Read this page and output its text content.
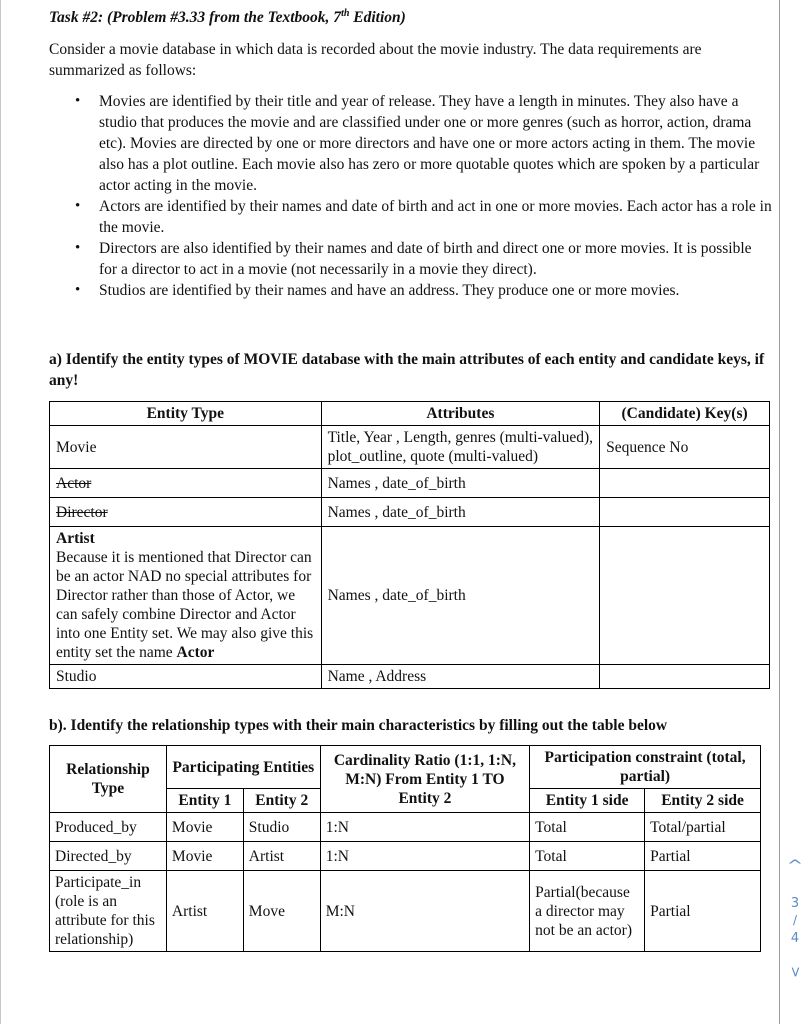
Task #2: (Problem #3.33 from the Textbook, 7th Edition)

Consider a movie database in which data is recorded about the movie industry. The data requirements are summarized as follows:

• Movies are identified by their title and year of release. They have a length in minutes. They also have a studio that produces the movie and are classified under one or more genres (such as horror, action, drama etc). Movies are directed by one or more directors and have one or more actors acting in them. The movie also has a plot outline. Each movie also has zero or more quotable quotes which are spoken by a particular actor acting in the movie.
• Actors are identified by their names and date of birth and act in one or more movies. Each actor has a role in the movie.
• Directors are also identified by their names and date of birth and direct one or more movies. It is possible for a director to act in a movie (not necessarily in a movie they direct).
• Studios are identified by their names and have an address. They produce one or more movies.

a) Identify the entity types of MOVIE database with the main attributes of each entity and candidate keys, if any!

Entity Type	Attributes	(Candidate) Key(s)
Movie	Title, Year , Length, genres (multi-valued), plot_outline, quote (multi-valued)	Sequence No
Actor	Names , date_of_birth	
Director	Names , date_of_birth	
Artist
Because it is mentioned that Director can be an actor NAD no special attributes for Director rather than those of Actor, we can safely combine Director and Actor into one Entity set. We may also give this entity set the name Actor	Names , date_of_birth	
Studio	Name , Address	

b). Identify the relationship types with their main characteristics by filling out the table below

Relationship Type	Participating Entities		Cardinality Ratio (1:1, 1:N, M:N) From Entity 1 TO Entity 2	Participation constraint (total, partial)	
	Entity 1	Entity 2		Entity 1 side	Entity 2 side
Produced_by	Movie	Studio	1:N	Total	Total/partial
Directed_by	Movie	Artist	1:N	Total	Partial
Participate_in (role is an attribute for this relationship)	Artist	Move	M:N	Partial(because a director may not be an actor)	Partial
^
3
/
4
>
